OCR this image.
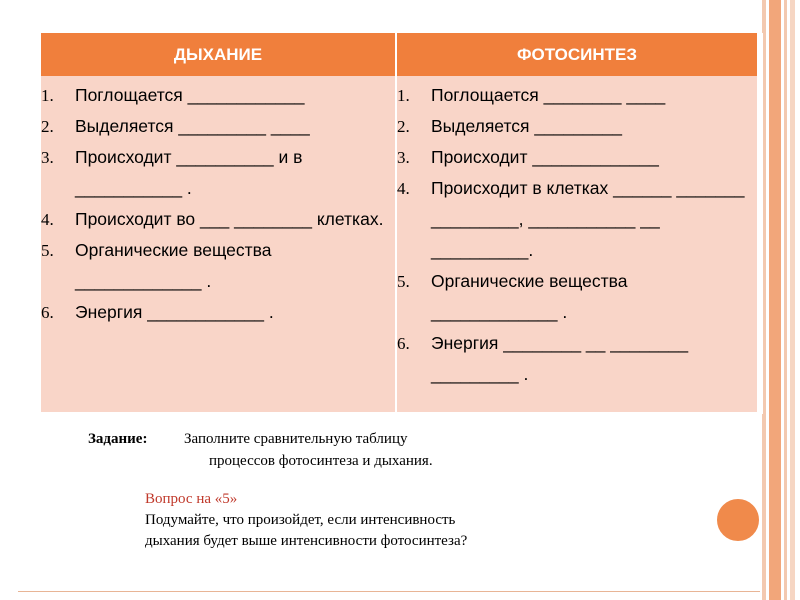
ДЫХАНИЕ	ФОТОСИНТЕЗ
1. Поглощается ____________
2. Выделяется _________ ____
3. Происходит __________ и в ___________ .
4. Происходит во ___ ________ клетках.
5. Органические вещества _____________ .
6. Энергия ____________ .
1. Поглощается ________ ____
2. Выделяется _________
3. Происходит _____________
4. Происходит в клетках ______ _______ _________, ___________ __ __________.
5. Органические вещества _____________ .
6. Энергия ________ __ ________ _________ .
Задание: Заполните сравнительную таблицу
процессов фотосинтеза и дыхания.
Вопрос на «5»
Подумайте, что произойдет, если интенсивность
дыхания будет выше интенсивности фотосинтеза?
